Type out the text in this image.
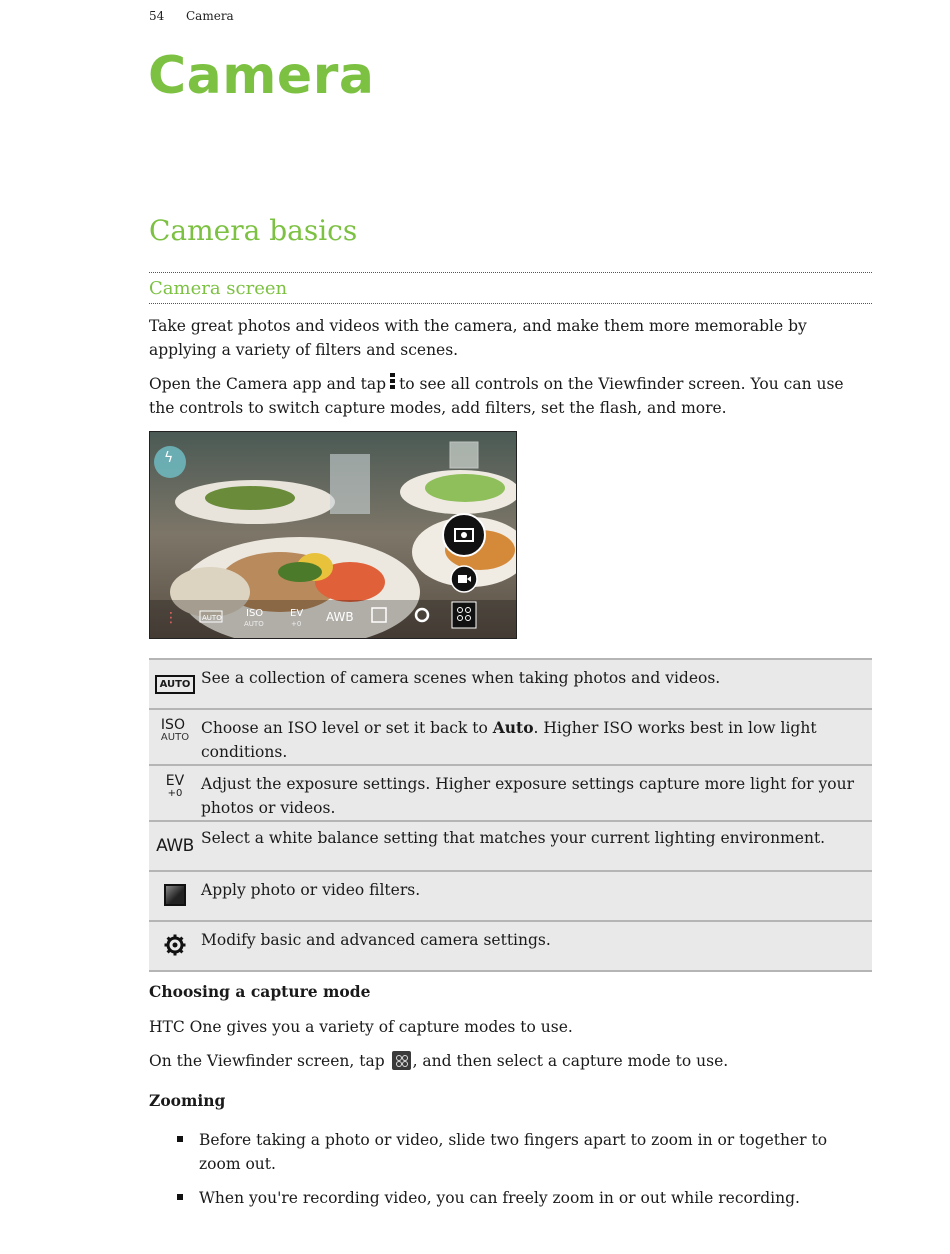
54 Camera
Camera
Camera basics
Camera screen

Take great photos and videos with the camera, and make them more memorable by applying a variety of filters and scenes.

Open the Camera app and tap to see all controls on the Viewfinder screen. You can use the controls to switch capture modes, add filters, set the flash, and more.

AUTO ISO
AUTO
EV
+0 AWB
ϟ
⋮
AUTO	See a collection of camera scenes when taking photos and videos.
ISO
AUTO	Choose an ISO level or set it back to Auto. Higher ISO works best in low light conditions.
EV
+0	Adjust the exposure settings. Higher exposure settings capture more light for your photos or videos.
AWB	Select a white balance setting that matches your current lighting environment.
	Apply photo or video filters.
	Modify basic and advanced camera settings.
Choosing a capture mode

HTC One gives you a variety of capture modes to use.

On the Viewfinder screen, tap , and then select a capture mode to use.

Zooming
Before taking a photo or video, slide two fingers apart to zoom in or together to zoom out.
When you're recording video, you can freely zoom in or out while recording.
